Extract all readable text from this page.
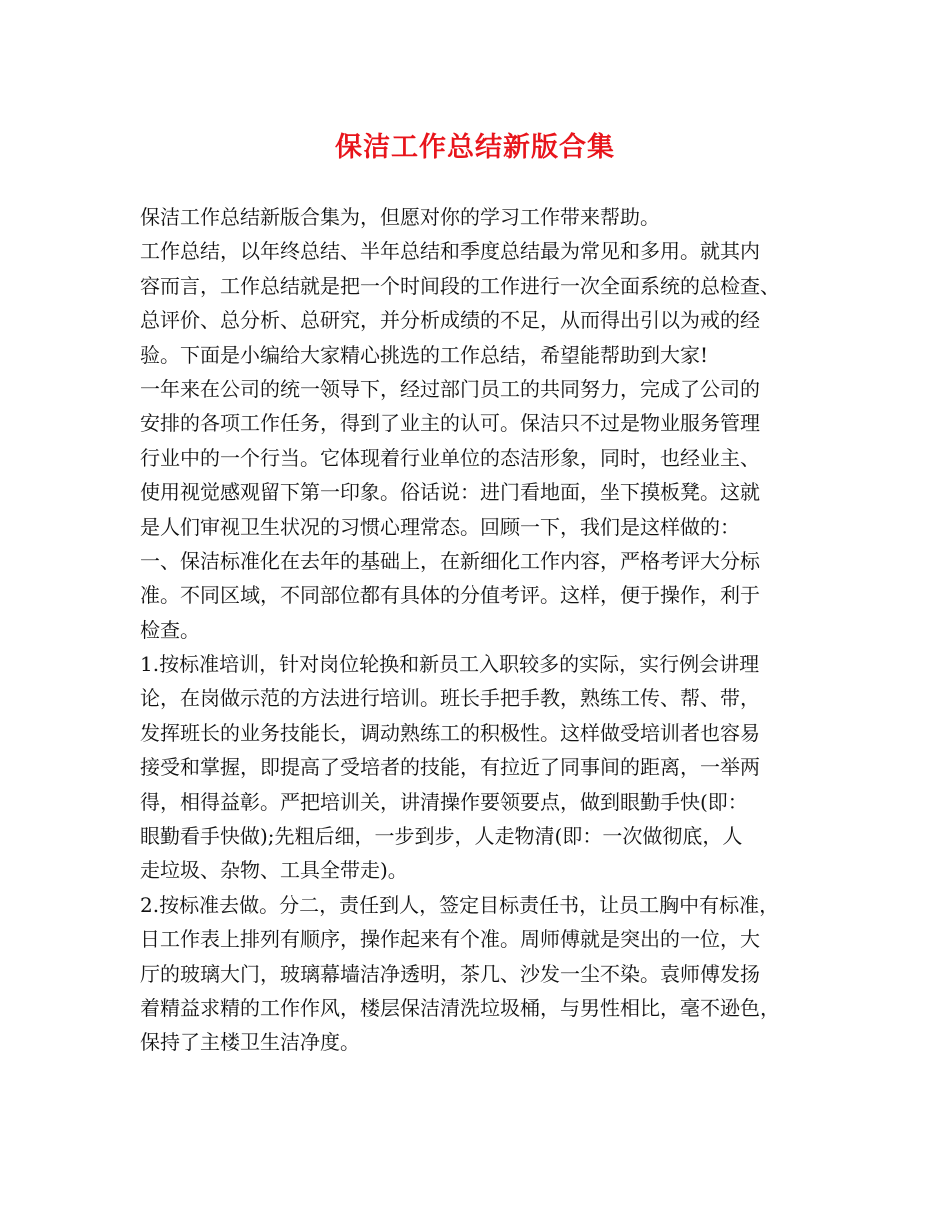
保洁工作总结新版合集
保洁工作总结新版合集为，但愿对你的学习工作带来帮助。
工作总结，以年终总结、半年总结和季度总结最为常见和多用。就其内
容而言，工作总结就是把一个时间段的工作进行一次全面系统的总检查、
总评价、总分析、总研究，并分析成绩的不足，从而得出引以为戒的经
验。下面是小编给大家精心挑选的工作总结，希望能帮助到大家!
一年来在公司的统一领导下，经过部门员工的共同努力，完成了公司的
安排的各项工作任务，得到了业主的认可。保洁只不过是物业服务管理
行业中的一个行当。它体现着行业单位的态洁形象，同时，也经业主、
使用视觉感观留下第一印象。俗话说：进门看地面，坐下摸板凳。这就
是人们审视卫生状况的习惯心理常态。回顾一下，我们是这样做的：
一、保洁标准化在去年的基础上，在新细化工作内容，严格考评大分标
准。不同区域，不同部位都有具体的分值考评。这样，便于操作，利于
检查。
1.按标准培训，针对岗位轮换和新员工入职较多的实际，实行例会讲理
论，在岗做示范的方法进行培训。班长手把手教，熟练工传、帮、带，
发挥班长的业务技能长，调动熟练工的积极性。这样做受培训者也容易
接受和掌握，即提高了受培者的技能，有拉近了同事间的距离，一举两
得，相得益彰。严把培训关，讲清操作要领要点，做到眼勤手快(即：
眼勤看手快做);先粗后细，一步到步，人走物清(即：一次做彻底，人
走垃圾、杂物、工具全带走)。
2.按标准去做。分二，责任到人，签定目标责任书，让员工胸中有标准，
日工作表上排列有顺序，操作起来有个准。周师傅就是突出的一位，大
厅的玻璃大门，玻璃幕墙洁净透明，茶几、沙发一尘不染。袁师傅发扬
着精益求精的工作作风，楼层保洁清洗垃圾桶，与男性相比，毫不逊色，
保持了主楼卫生洁净度。
